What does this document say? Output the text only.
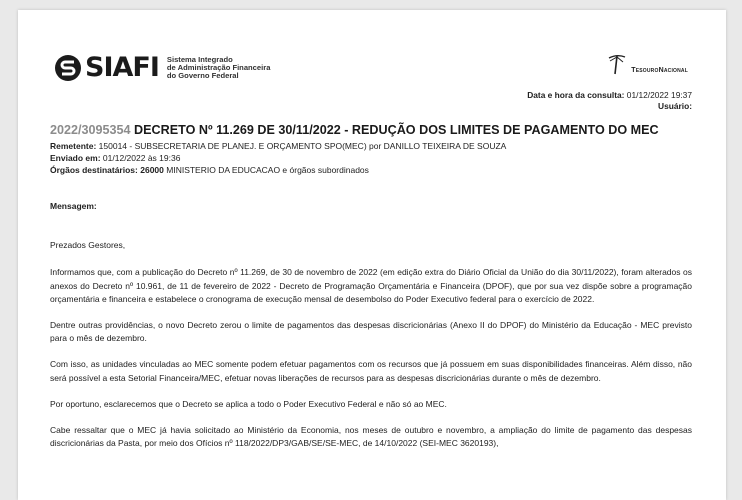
SIAFI Sistema Integrado
de Administração Financeira
do Governo Federal
TesouroNacional
Data e hora da consulta: 01/12/2022 19:37
Usuário:
2022/3095354 DECRETO Nº 11.269 DE 30/11/2022 - REDUÇÃO DOS LIMITES DE PAGAMENTO DO MEC
Remetente: 150014 - SUBSECRETARIA DE PLANEJ. E ORÇAMENTO SPO(MEC) por DANILLO TEIXEIRA DE SOUZA
Enviado em: 01/12/2022 às 19:36
Órgãos destinatários: 26000 MINISTERIO DA EDUCACAO e órgãos subordinados

Mensagem:

Prezados Gestores,

Informamos que, com a publicação do Decreto nº 11.269, de 30 de novembro de 2022 (em edição extra do Diário Oficial da União do dia 30/11/2022), foram alterados os anexos do Decreto nº 10.961, de 11 de fevereiro de 2022 - Decreto de Programação Orçamentária e Financeira (DPOF), que por sua vez dispõe sobre a programação orçamentária e financeira e estabelece o cronograma de execução mensal de desembolso do Poder Executivo federal para o exercício de 2022.

Dentre outras providências, o novo Decreto zerou o limite de pagamentos das despesas discricionárias (Anexo II do DPOF) do Ministério da Educação - MEC previsto para o mês de dezembro.

Com isso, as unidades vinculadas ao MEC somente podem efetuar pagamentos com os recursos que já possuem em suas disponibilidades financeiras. Além disso, não será possível a esta Setorial Financeira/MEC, efetuar novas liberações de recursos para as despesas discricionárias durante o mês de dezembro.

Por oportuno, esclarecemos que o Decreto se aplica a todo o Poder Executivo Federal e não só ao MEC.

Cabe ressaltar que o MEC já havia solicitado ao Ministério da Economia, nos meses de outubro e novembro, a ampliação do limite de pagamento das despesas discricionárias da Pasta, por meio dos Ofícios nº 118/2022/DP3/GAB/SE/SE-MEC, de 14/10/2022 (SEI-MEC 3620193),
